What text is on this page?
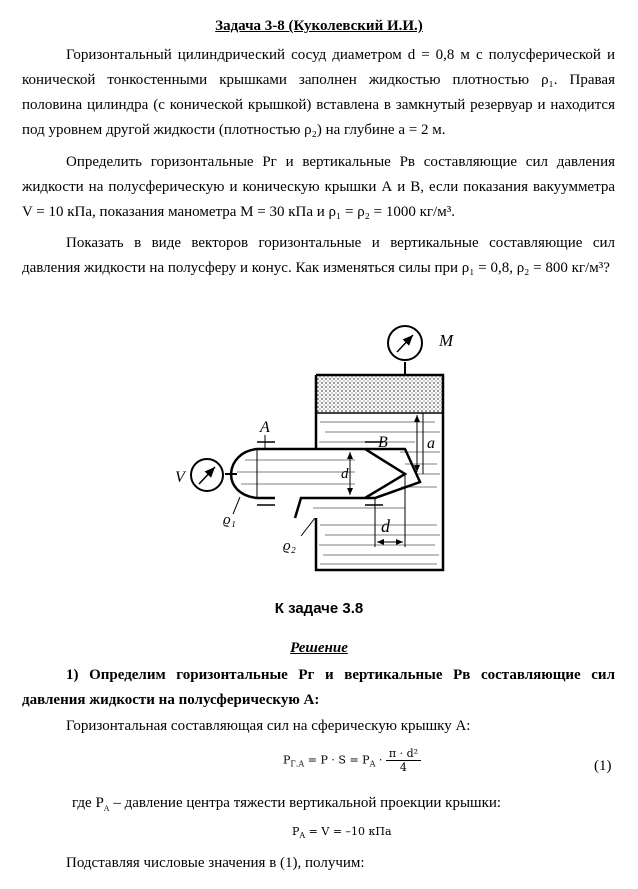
Задача 3-8 (Куколевский И.И.)

Горизонтальный цилиндрический сосуд диаметром d = 0,8 м с полусферической и конической тонкостенными крышками заполнен жидкостью плотностью ρ₁. Правая половина цилиндра (с конической крышкой) вставлена в замкнутый резервуар и находится под уровнем другой жидкости (плотностью ρ₂) на глубине a = 2 м.

Определить горизонтальные Pг и вертикальные Pв составляющие сил давления жидкости на полусферическую и коническую крышки А и В, если показания вакуумметра V = 10 кПа, показания манометра M = 30 кПа и ρ₁ = ρ₂ = 1000 кг/м³.

Показать в виде векторов горизонтальные и вертикальные составляющие сил давления жидкости на полусферу и конус. Как изменяться силы при ρ₁ = 0,8, ρ₂ = 800 кг/м³?

M
d
a
d
A
B
V
ϱ₁
ϱ₂
К задаче 3.8
Решение

1) Определим горизонтальные Pг и вертикальные Pв составляющие сил давления жидкости на полусферическую А:

Горизонтальная составляющая сил на сферическую крышку А:
$P_{Г.А} = P \cdot S = P_A \cdot \frac{\text{π · d²}}{4}$	(1)
где $P_A$ – давление центра тяжести вертикальной проекции крышки:
$P_A = V = -10$ кПа
Подставляя числовые значения в (1), получим:
